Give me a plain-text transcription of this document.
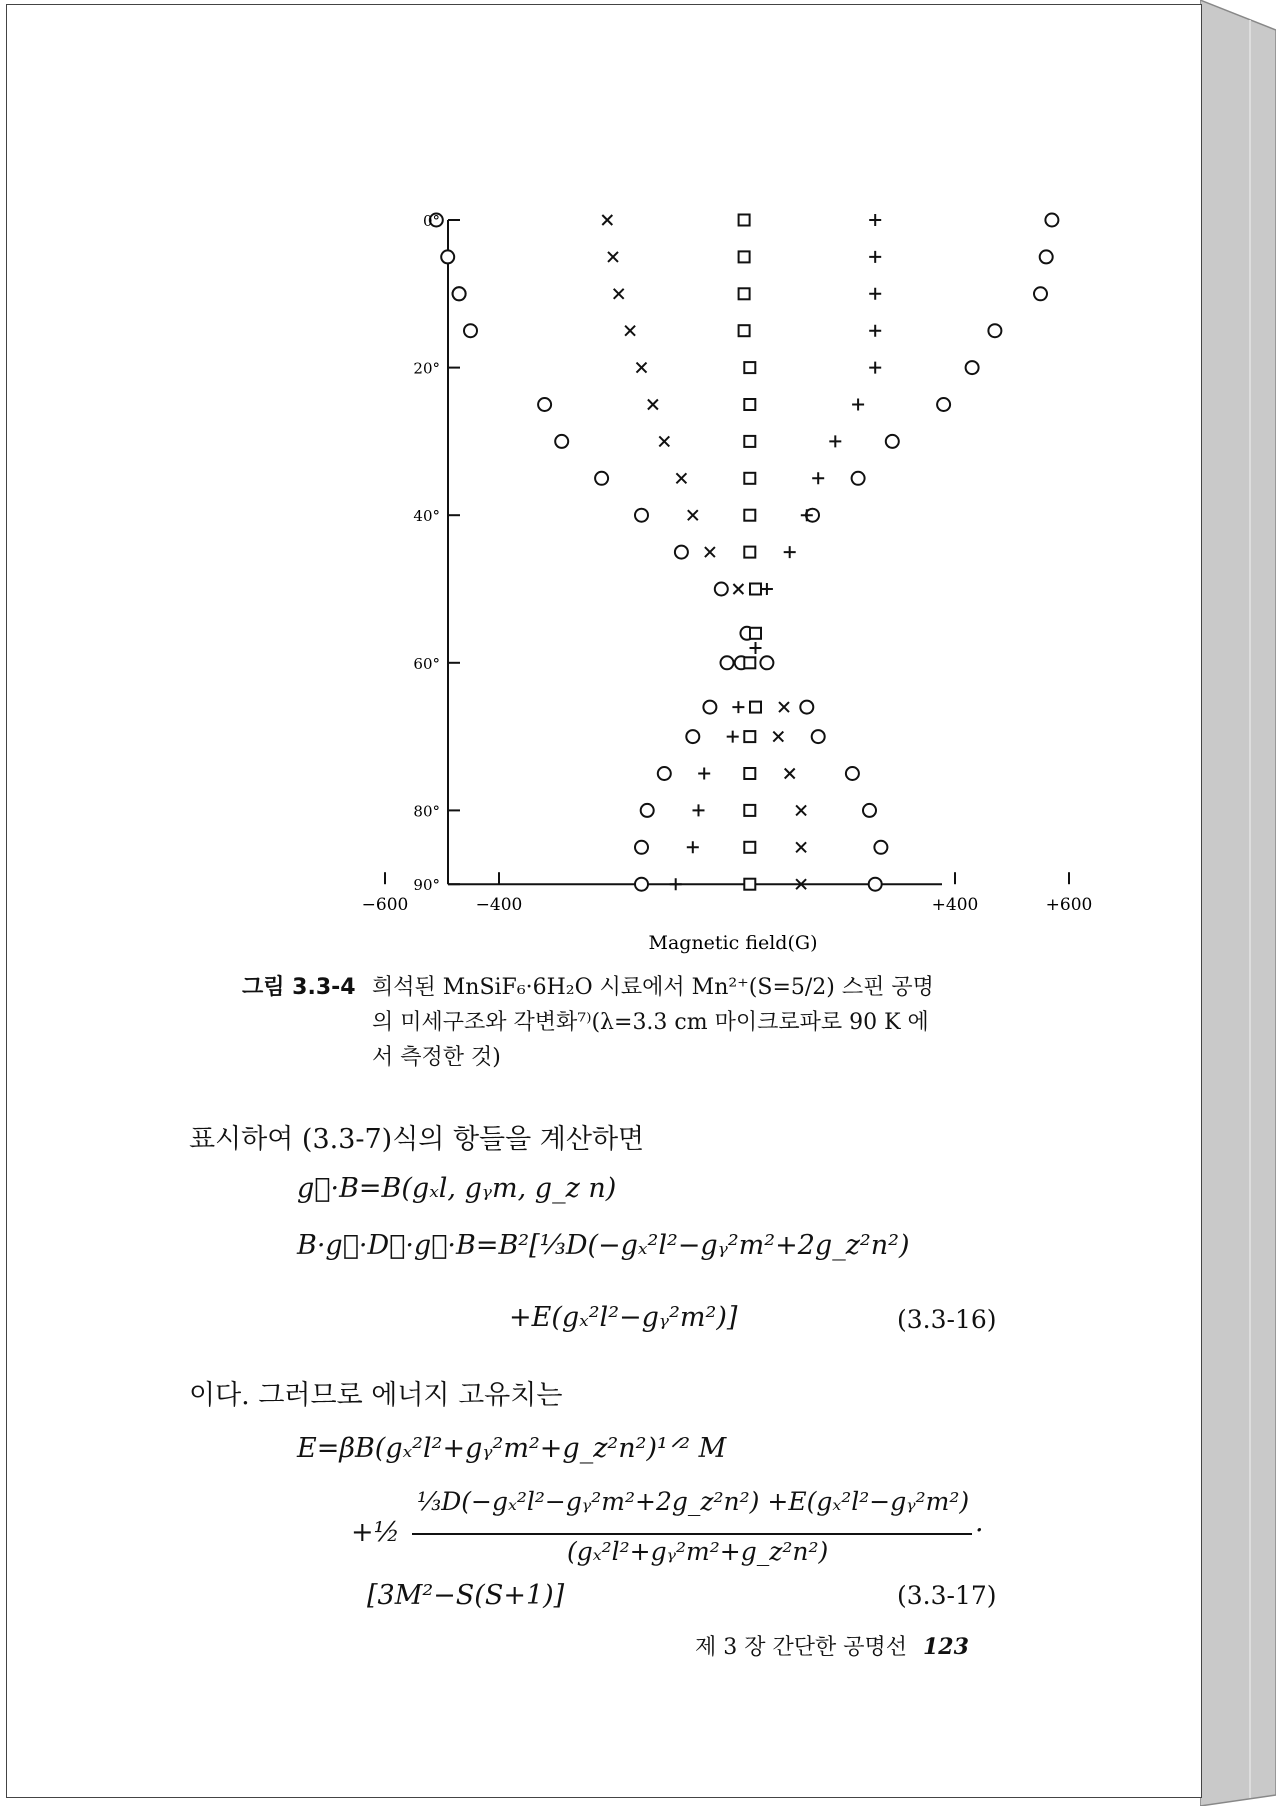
0°
20°
40°
60°
80°
90°
−600	−400	+400	+600
Magnetic field(G)
그림 3.3-4 희석된 MnSiF₆·6H₂O 시료에서 Mn²⁺(S=5/2) 스핀 공명
의 미세구조와 각변화⁷⁾(λ=3.3 cm 마이크로파로 90 K 에
서 측정한 것)
표시하여 (3.3-7)식의 항들을 계산하면
g⃡·B=B(gₓl, gᵧm, g_z n)
B·g⃡·D⃡·g⃡·B=B²[⅓D(−gₓ²l²−gᵧ²m²+2g_z²n²)
+E(gₓ²l²−gᵧ²m²)]	(3.3-16)
이다. 그러므로 에너지 고유치는
E=βB(gₓ²l²+gᵧ²m²+g_z²n²)¹ᐟ² M
+½
⅓D(−gₓ²l²−gᵧ²m²+2g_z²n²) +E(gₓ²l²−gᵧ²m²)
(gₓ²l²+gᵧ²m²+g_z²n²)
·
[3M²−S(S+1)]	(3.3-17)
제 3 장 간단한 공명선 123
